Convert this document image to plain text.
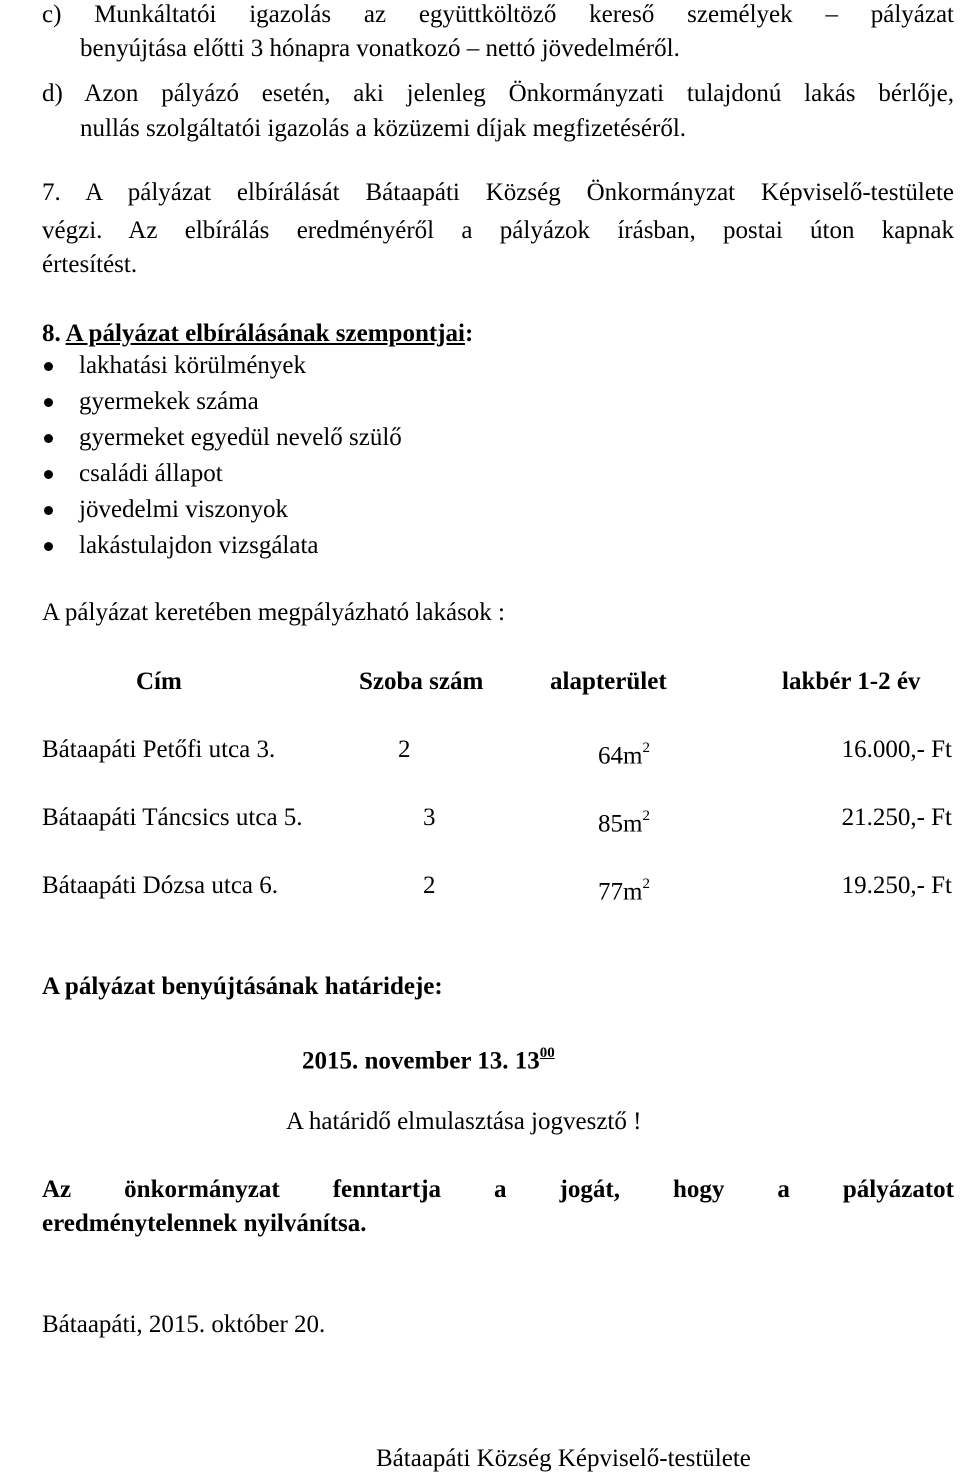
c) Munkáltatói igazolás az együttköltöző kereső személyek – pályázat
benyújtása előtti 3 hónapra vonatkozó – nettó jövedelméről.
d) Azon pályázó esetén, aki jelenleg Önkormányzati tulajdonú lakás bérlője,
nullás szolgáltatói igazolás a közüzemi díjak megfizetéséről.
7. A pályázat elbírálását Bátaapáti Község Önkormányzat Képviselő-testülete
végzi. Az elbírálás eredményéről a pályázok írásban, postai úton kapnak
értesítést.
8. A pályázat elbírálásának szempontjai:
lakhatási körülmények
gyermekek száma
gyermeket egyedül nevelő szülő
családi állapot
jövedelmi viszonyok
lakástulajdon vizsgálata
A pályázat keretében megpályázható lakások :
Cím	Szoba szám	alapterület	lakbér 1-2 év
Bátaapáti Petőfi utca 3.	2	$64m^2$	16.000,- Ft
Bátaapáti Táncsics utca 5.	3	$85m^2$	21.250,- Ft
Bátaapáti Dózsa utca 6.	2	$77m^2$	19.250,- Ft
A pályázat benyújtásának határideje:
2015. november 13. $13^{00}$
A határidő elmulasztása jogvesztő !
Az önkormányzat fenntartja a jogát, hogy a pályázatot
eredménytelennek nyilvánítsa.
Bátaapáti, 2015. október 20.
Bátaapáti Község Képviselő-testülete
